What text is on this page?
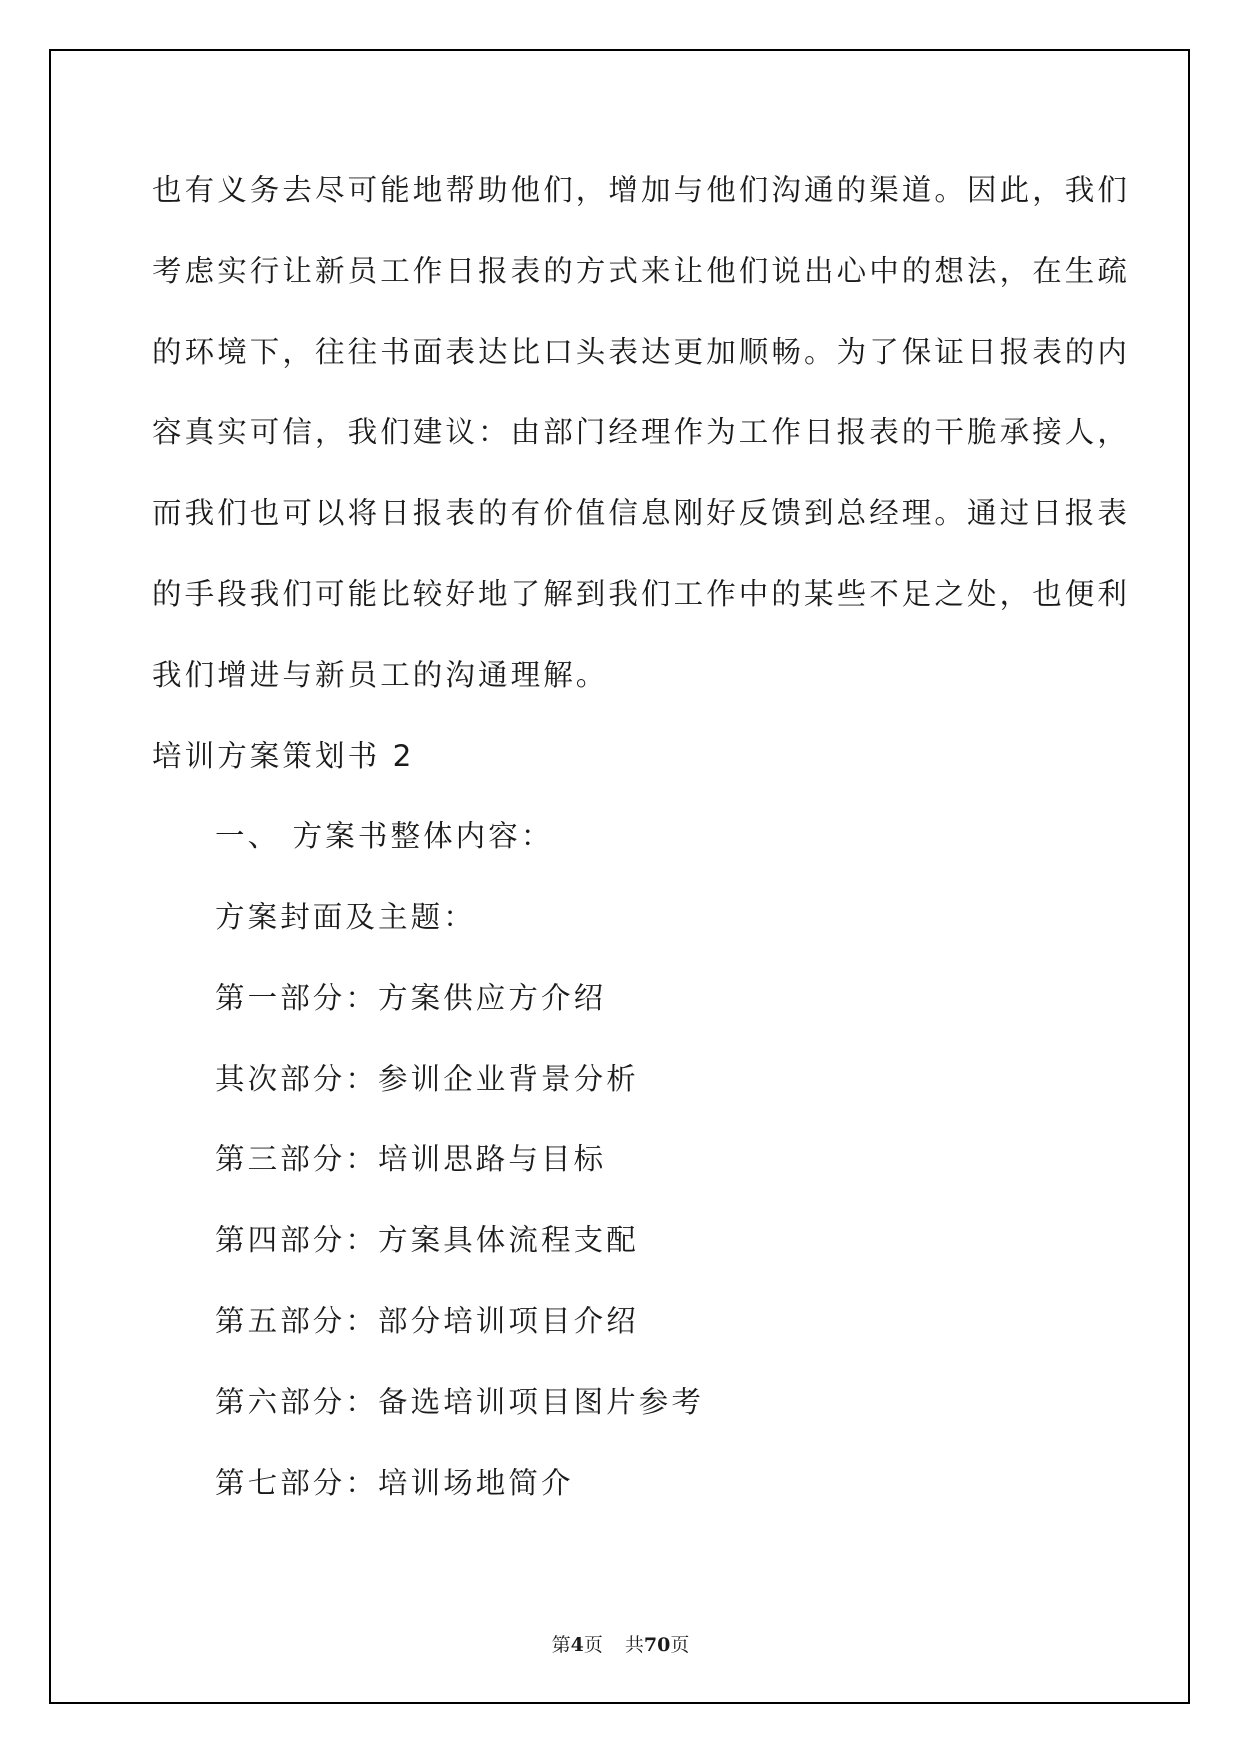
也有义务去尽可能地帮助他们，增加与他们沟通的渠道。因此，我们
考虑实行让新员工作日报表的方式来让他们说出心中的想法，在生疏
的环境下，往往书面表达比口头表达更加顺畅。为了保证日报表的内
容真实可信，我们建议：由部门经理作为工作日报表的干脆承接人，
而我们也可以将日报表的有价值信息刚好反馈到总经理。通过日报表
的手段我们可能比较好地了解到我们工作中的某些不足之处，也便利
我们增进与新员工的沟通理解。
培训方案策划书 2
一、 方案书整体内容：
方案封面及主题：
第一部分：方案供应方介绍
其次部分：参训企业背景分析
第三部分：培训思路与目标
第四部分：方案具体流程支配
第五部分：部分培训项目介绍
第六部分：备选培训项目图片参考
第七部分：培训场地简介
第4页 共70页
